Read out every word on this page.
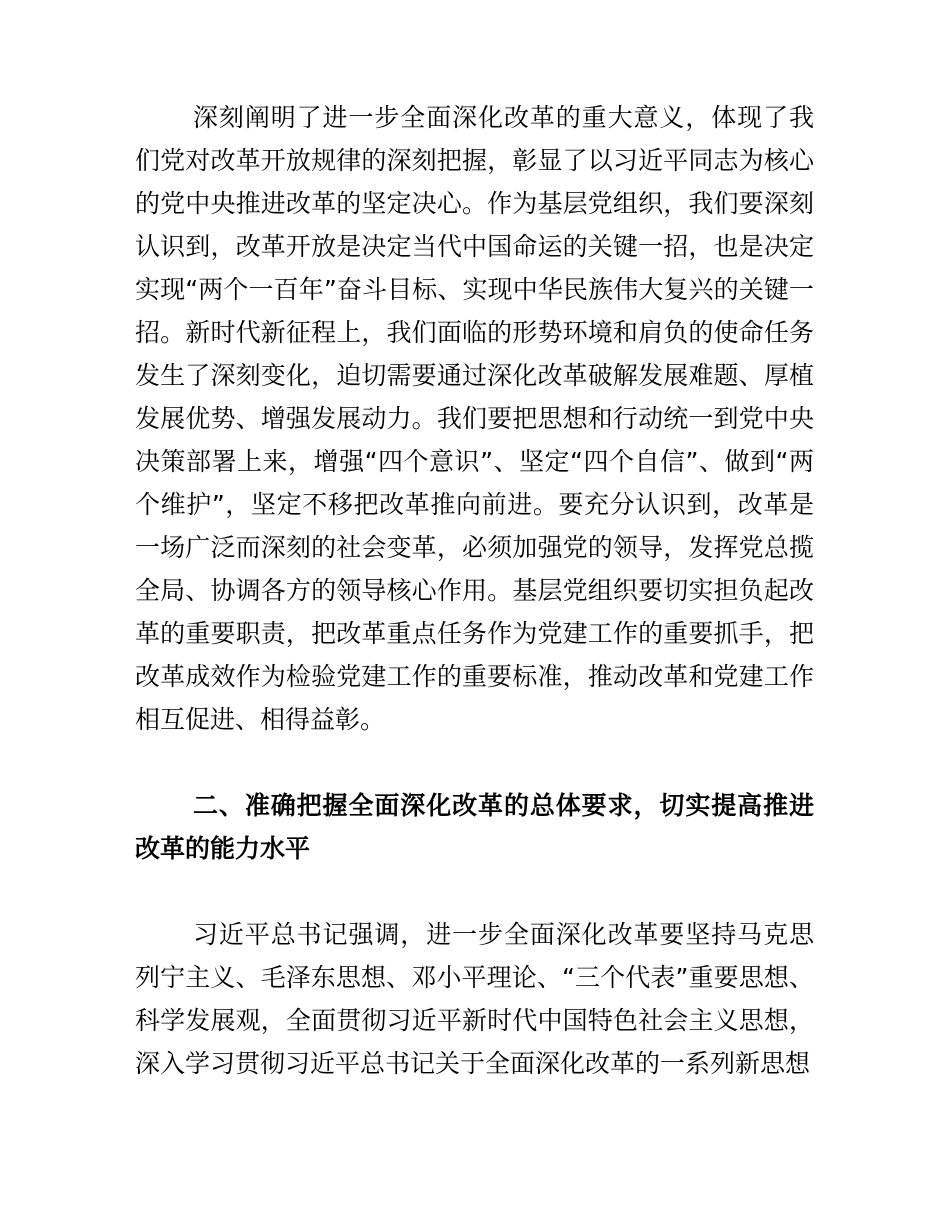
深刻阐明了进一步全面深化改革的重大意义，体现了我们党对改革开放规律的深刻把握，彰显了以习近平同志为核心的党中央推进改革的坚定决心。作为基层党组织，我们要深刻认识到，改革开放是决定当代中国命运的关键一招，也是决定实现“两个一百年”奋斗目标、实现中华民族伟大复兴的关键一招。新时代新征程上，我们面临的形势环境和肩负的使命任务发生了深刻变化，迫切需要通过深化改革破解发展难题、厚植发展优势、增强发展动力。我们要把思想和行动统一到党中央决策部署上来，增强“四个意识”、坚定“四个自信”、做到“两个维护”，坚定不移把改革推向前进。要充分认识到，改革是一场广泛而深刻的社会变革，必须加强党的领导，发挥党总揽全局、协调各方的领导核心作用。基层党组织要切实担负起改革的重要职责，把改革重点任务作为党建工作的重要抓手，把改革成效作为检验党建工作的重要标准，推动改革和党建工作相互促进、相得益彰。

二、准确把握全面深化改革的总体要求，切实提高推进改革的能力水平

习近平总书记强调，进一步全面深化改革要坚持马克思列宁主义、毛泽东思想、邓小平理论、“三个代表”重要思想、科学发展观，全面贯彻习近平新时代中国特色社会主义思想，深入学习贯彻习近平总书记关于全面深化改革的一系列新思想
